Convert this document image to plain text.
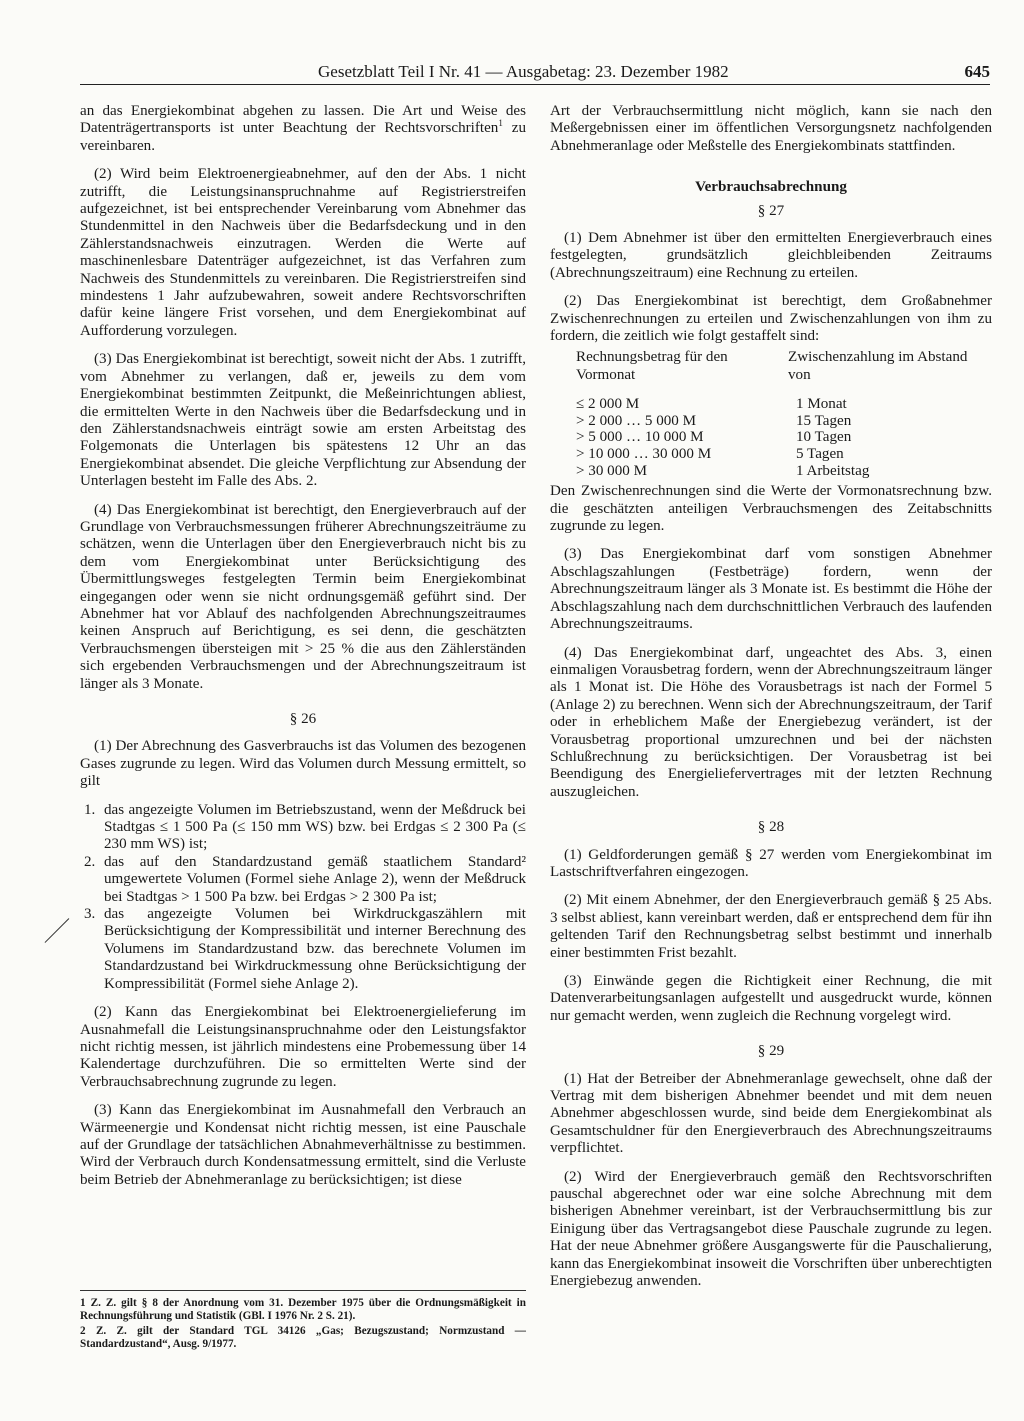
Gesetzblatt Teil I Nr. 41 — Ausgabetag: 23. Dezember 1982	645

an das Energiekombinat abgehen zu lassen. Die Art und Weise des Datenträgertransports ist unter Beachtung der Rechtsvorschriften$^1$ zu vereinbaren.

(2) Wird beim Elektroenergieabnehmer, auf den der Abs. 1 nicht zutrifft, die Leistungsinanspruchnahme auf Registrierstreifen aufgezeichnet, ist bei entsprechender Vereinbarung vom Abnehmer das Stundenmittel in den Nachweis über die Bedarfsdeckung und in den Zählerstandsnachweis einzutragen. Werden die Werte auf maschinenlesbare Datenträger aufgezeichnet, ist das Verfahren zum Nachweis des Stundenmittels zu vereinbaren. Die Registrierstreifen sind mindestens 1 Jahr aufzubewahren, soweit andere Rechtsvorschriften dafür keine längere Frist vorsehen, und dem Energiekombinat auf Aufforderung vorzulegen.

(3) Das Energiekombinat ist berechtigt, soweit nicht der Abs. 1 zutrifft, vom Abnehmer zu verlangen, daß er, jeweils zu dem vom Energiekombinat bestimmten Zeitpunkt, die Meßeinrichtungen abliest, die ermittelten Werte in den Nachweis über die Bedarfsdeckung und in den Zählerstandsnachweis einträgt sowie am ersten Arbeitstag des Folgemonats die Unterlagen bis spätestens 12 Uhr an das Energiekombinat absendet. Die gleiche Verpflichtung zur Absendung der Unterlagen besteht im Falle des Abs. 2.

(4) Das Energiekombinat ist berechtigt, den Energieverbrauch auf der Grundlage von Verbrauchsmessungen früherer Abrechnungszeiträume zu schätzen, wenn die Unterlagen über den Energieverbrauch nicht bis zu dem vom Energiekombinat unter Berücksichtigung des Übermittlungsweges festgelegten Termin beim Energiekombinat eingegangen oder wenn sie nicht ordnungsgemäß geführt sind. Der Abnehmer hat vor Ablauf des nachfolgenden Abrechnungszeitraumes keinen Anspruch auf Berichtigung, es sei denn, die geschätzten Verbrauchsmengen übersteigen mit > 25 % die aus den Zählerständen sich ergebenden Verbrauchsmengen und der Abrechnungszeitraum ist länger als 3 Monate.

§ 26

(1) Der Abrechnung des Gasverbrauchs ist das Volumen des bezogenen Gases zugrunde zu legen. Wird das Volumen durch Messung ermittelt, so gilt

1. das angezeigte Volumen im Betriebszustand, wenn der Meßdruck bei Stadtgas ≤ 1 500 Pa (≤ 150 mm WS) bzw. bei Erdgas ≤ 2 300 Pa (≤ 230 mm WS) ist;
2. das auf den Standardzustand gemäß staatlichem Standard² umgewertete Volumen (Formel siehe Anlage 2), wenn der Meßdruck bei Stadtgas > 1 500 Pa bzw. bei Erdgas > 2 300 Pa ist;
3. das angezeigte Volumen bei Wirkdruckgaszählern mit Berücksichtigung der Kompressibilität und interner Berechnung des Volumens im Standardzustand bzw. das berechnete Volumen im Standardzustand bei Wirkdruckmessung ohne Berücksichtigung der Kompressibilität (Formel siehe Anlage 2).

(2) Kann das Energiekombinat bei Elektroenergielieferung im Ausnahmefall die Leistungsinanspruchnahme oder den Leistungsfaktor nicht richtig messen, ist jährlich mindestens eine Probemessung über 14 Kalendertage durchzuführen. Die so ermittelten Werte sind der Verbrauchsabrechnung zugrunde zu legen.

(3) Kann das Energiekombinat im Ausnahmefall den Verbrauch an Wärmeenergie und Kondensat nicht richtig messen, ist eine Pauschale auf der Grundlage der tatsächlichen Abnahmeverhältnisse zu bestimmen. Wird der Verbrauch durch Kondensatmessung ermittelt, sind die Verluste beim Betrieb der Abnehmeranlage zu berücksichtigen; ist diese

1 Z. Z. gilt § 8 der Anordnung vom 31. Dezember 1975 über die Ordnungsmäßigkeit in Rechnungsführung und Statistik (GBl. I 1976 Nr. 2 S. 21).

2 Z. Z. gilt der Standard TGL 34126 „Gas; Bezugszustand; Normzustand — Standardzustand“, Ausg. 9/1977.

Art der Verbrauchsermittlung nicht möglich, kann sie nach den Meßergebnissen einer im öffentlichen Versorgungsnetz nachfolgenden Abnehmeranlage oder Meßstelle des Energiekombinats stattfinden.

Verbrauchsabrechnung
§ 27

(1) Dem Abnehmer ist über den ermittelten Energieverbrauch eines festgelegten, grundsätzlich gleichbleibenden Zeitraums (Abrechnungszeitraum) eine Rechnung zu erteilen.

(2) Das Energiekombinat ist berechtigt, dem Großabnehmer Zwischenrechnungen zu erteilen und Zwischenzahlungen von ihm zu fordern, die zeitlich wie folgt gestaffelt sind:

Rechnungsbetrag für den Vormonat	Zwischenzahlung im Abstand von
≤ 2 000 M	1 Monat
> 2 000 … 5 000 M	15 Tagen
> 5 000 … 10 000 M	10 Tagen
> 10 000 … 30 000 M	5 Tagen
> 30 000 M	1 Arbeitstag

Den Zwischenrechnungen sind die Werte der Vormonatsrechnung bzw. die geschätzten anteiligen Verbrauchsmengen des Zeitabschnitts zugrunde zu legen.

(3) Das Energiekombinat darf vom sonstigen Abnehmer Abschlagszahlungen (Festbeträge) fordern, wenn der Abrechnungszeitraum länger als 3 Monate ist. Es bestimmt die Höhe der Abschlagszahlung nach dem durchschnittlichen Verbrauch des laufenden Abrechnungszeitraums.

(4) Das Energiekombinat darf, ungeachtet des Abs. 3, einen einmaligen Vorausbetrag fordern, wenn der Abrechnungszeitraum länger als 1 Monat ist. Die Höhe des Vorausbetrags ist nach der Formel 5 (Anlage 2) zu berechnen. Wenn sich der Abrechnungszeitraum, der Tarif oder in erheblichem Maße der Energiebezug verändert, ist der Vorausbetrag proportional umzurechnen und bei der nächsten Schlußrechnung zu berücksichtigen. Der Vorausbetrag ist bei Beendigung des Energieliefervertrages mit der letzten Rechnung auszugleichen.

§ 28

(1) Geldforderungen gemäß § 27 werden vom Energiekombinat im Lastschriftverfahren eingezogen.

(2) Mit einem Abnehmer, der den Energieverbrauch gemäß § 25 Abs. 3 selbst abliest, kann vereinbart werden, daß er entsprechend dem für ihn geltenden Tarif den Rechnungsbetrag selbst bestimmt und innerhalb einer bestimmten Frist bezahlt.

(3) Einwände gegen die Richtigkeit einer Rechnung, die mit Datenverarbeitungsanlagen aufgestellt und ausgedruckt wurde, können nur gemacht werden, wenn zugleich die Rechnung vorgelegt wird.

§ 29

(1) Hat der Betreiber der Abnehmeranlage gewechselt, ohne daß der Vertrag mit dem bisherigen Abnehmer beendet und mit dem neuen Abnehmer abgeschlossen wurde, sind beide dem Energiekombinat als Gesamtschuldner für den Energieverbrauch des Abrechnungszeitraums verpflichtet.

(2) Wird der Energieverbrauch gemäß den Rechtsvorschriften pauschal abgerechnet oder war eine solche Abrechnung mit dem bisherigen Abnehmer vereinbart, ist der Verbrauchsermittlung bis zur Einigung über das Vertragsangebot diese Pauschale zugrunde zu legen. Hat der neue Abnehmer größere Ausgangswerte für die Pauschalierung, kann das Energiekombinat insoweit die Vorschriften über unberechtigten Energiebezug anwenden.
